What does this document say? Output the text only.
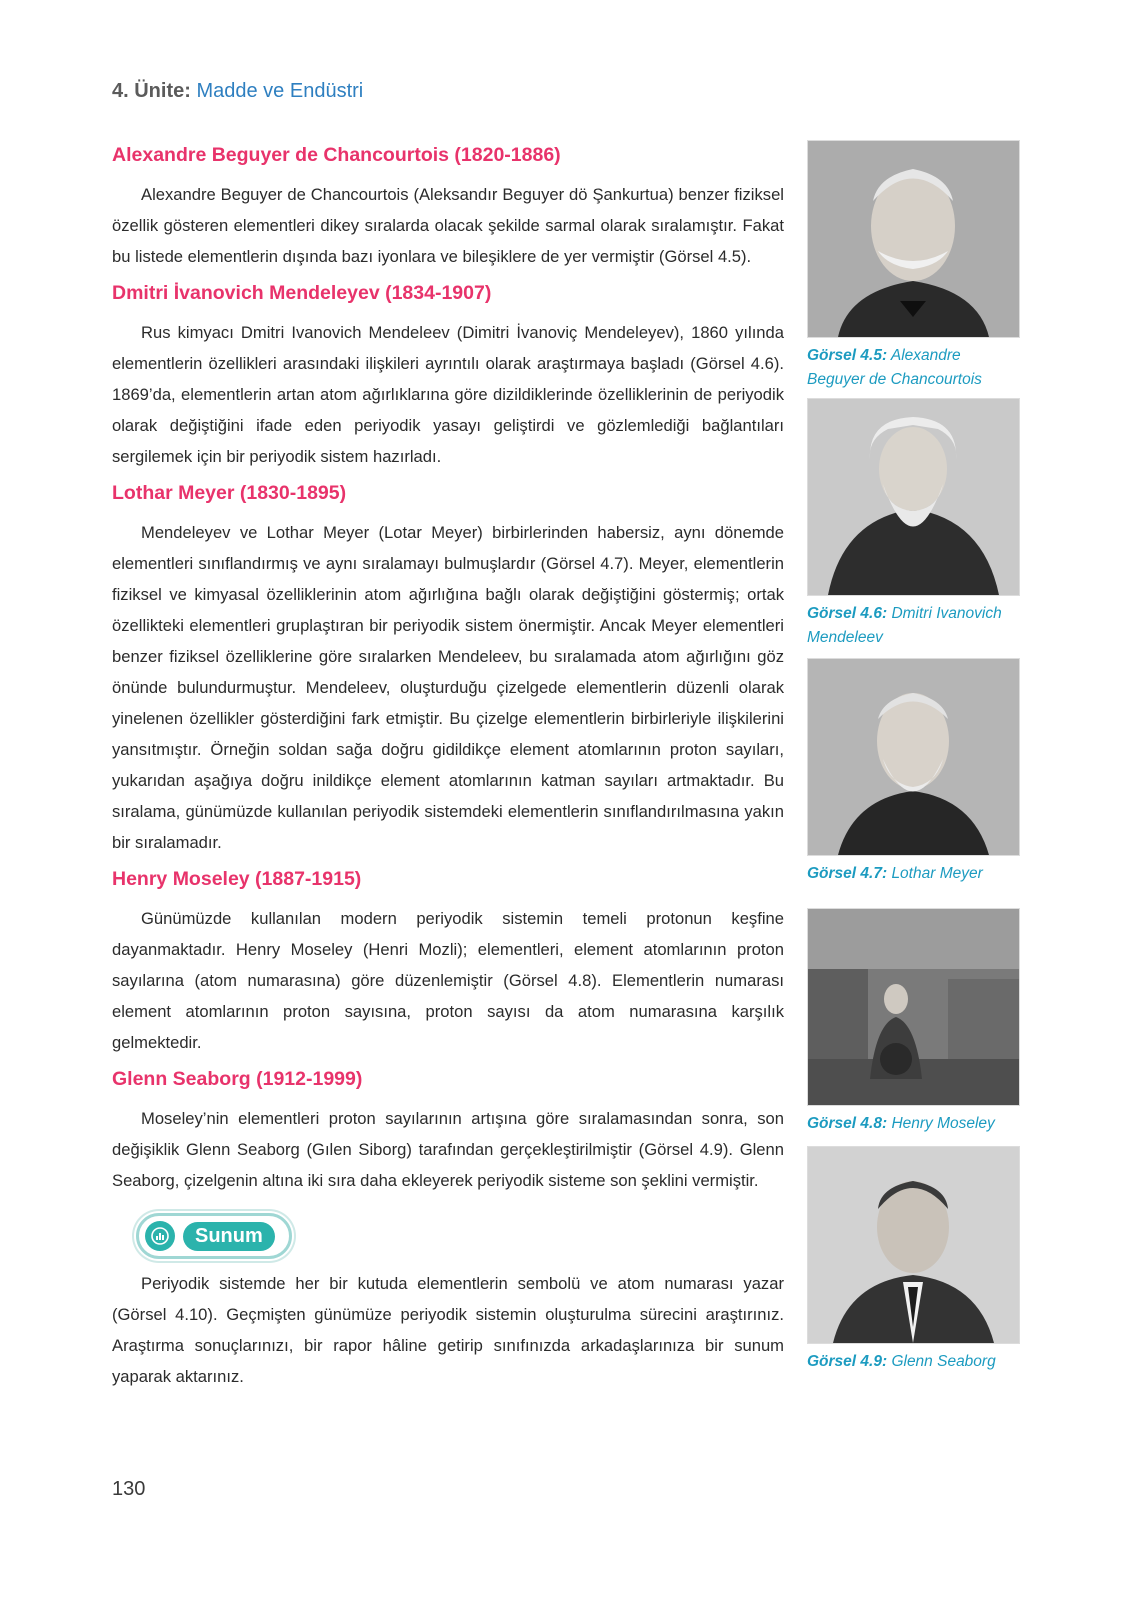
4. Ünite: Madde ve Endüstri
Alexandre Beguyer de Chancourtois (1820-1886)

Alexandre Beguyer de Chancourtois (Aleksandır Beguyer dö Şankurtua) benzer fiziksel özellik gösteren elementleri dikey sıralarda olacak şekilde sarmal olarak sıralamıştır. Fakat bu listede elementlerin dışında bazı iyonlara ve bileşiklere de yer vermiştir (Görsel 4.5).

Dmitri İvanovich Mendeleyev (1834-1907)

Rus kimyacı Dmitri Ivanovich Mendeleev (Dimitri İvanoviç Mendeleyev), 1860 yılında elementlerin özellikleri arasındaki ilişkileri ayrıntılı olarak araştırmaya başladı (Görsel 4.6). 1869’da, elementlerin artan atom ağırlıklarına göre dizildiklerinde özelliklerinin de periyodik olarak değiştiğini ifade eden periyodik yasayı geliştirdi ve gözlemlediği bağlantıları sergilemek için bir periyodik sistem hazırladı.

Lothar Meyer (1830-1895)

Mendeleyev ve Lothar Meyer (Lotar Meyer) birbirlerinden habersiz, aynı dönemde elementleri sınıflandırmış ve aynı sıralamayı bulmuşlardır (Görsel 4.7). Meyer, elementlerin fiziksel ve kimyasal özelliklerinin atom ağırlığına bağlı olarak değiştiğini göstermiş; ortak özellikteki elementleri gruplaştıran bir periyodik sistem önermiştir. Ancak Meyer elementleri benzer fiziksel özelliklerine göre sıralarken Mendeleev, bu sıralamada atom ağırlığını göz önünde bulundurmuştur. Mendeleev, oluşturduğu çizelgede elementlerin düzenli olarak yinelenen özellikler gösterdiğini fark etmiştir. Bu çizelge elementlerin birbirleriyle ilişkilerini yansıtmıştır. Örneğin soldan sağa doğru gidildikçe element atomlarının proton sayıları, yukarıdan aşağıya doğru inildikçe element atomlarının katman sayıları artmaktadır. Bu sıralama, günümüzde kullanılan periyodik sistemdeki elementlerin sınıflandırılmasına yakın bir sıralamadır.

Henry Moseley (1887-1915)

Günümüzde kullanılan modern periyodik sistemin temeli protonun keşfine dayanmaktadır. Henry Moseley (Henri Mozli); elementleri, element atomlarının proton sayılarına (atom numarasına) göre düzenlemiştir (Görsel 4.8). Elementlerin numarası element atomlarının proton sayısına, proton sayısı da atom numarasına karşılık gelmektedir.

Glenn Seaborg (1912-1999)

Moseley’nin elementleri proton sayılarının artışına göre sıralamasından sonra, son değişiklik Glenn Seaborg (Gılen Siborg) tarafından gerçekleştirilmiştir (Görsel 4.9). Glenn Seaborg, çizelgenin altına iki sıra daha ekleyerek periyodik sisteme son şeklini vermiştir.

Sunum

Periyodik sistemde her bir kutuda elementlerin sembolü ve atom numarası yazar (Görsel 4.10). Geçmişten günümüze periyodik sistemin oluşturulma sürecini araştırınız. Araştırma sonuçlarınızı, bir rapor hâline getirip sınıfınızda arkadaşlarınıza bir sunum yaparak aktarınız.

Görsel 4.5: Alexandre Beguyer de Chancourtois

Görsel 4.6: Dmitri Ivanovich Mendeleev

Görsel 4.7: Lothar Meyer

Görsel 4.8: Henry Moseley

Görsel 4.9: Glenn Seaborg

130
